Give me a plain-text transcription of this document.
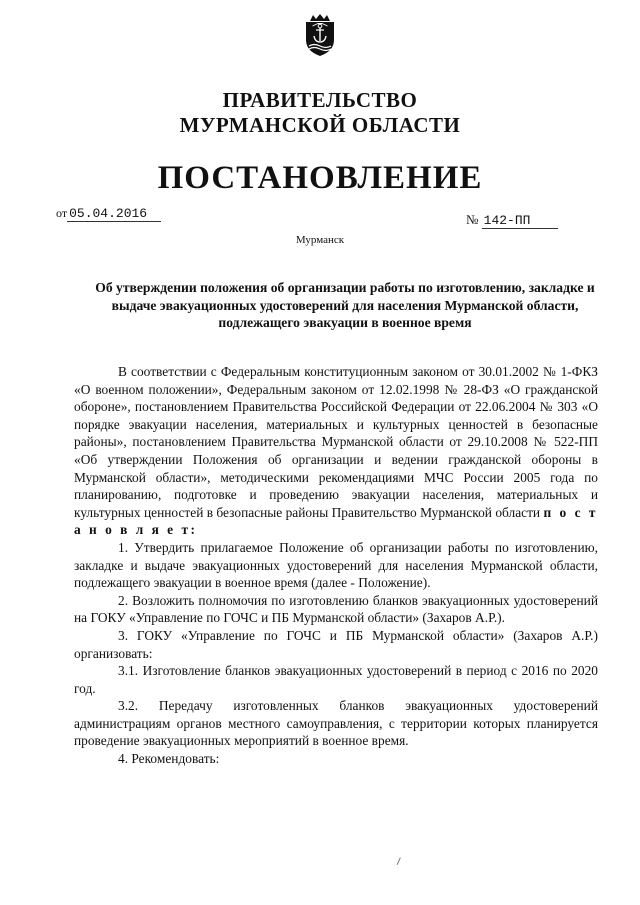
ПРАВИТЕЛЬСТВО
МУРМАНСКОЙ ОБЛАСТИ
ПОСТАНОВЛЕНИЕ
от 05.04.2016	№ 142-ПП
Мурманск
Об утверждении положения об организации работы по изготовлению, закладке и выдаче эвакуационных удостоверений для населения Мурманской области, подлежащего эвакуации в военное время

В соответствии с Федеральным конституционным законом от 30.01.2002 № 1-ФКЗ «О военном положении», Федеральным законом от 12.02.1998 № 28-ФЗ «О гражданской обороне», постановлением Правительства Российской Федерации от 22.06.2004 № 303 «О порядке эвакуации населения, материальных и культурных ценностей в безопасные районы», постановлением Правительства Мурманской области от 29.10.2008 № 522-ПП «Об утверждении Положения об организации и ведении гражданской обороны в Мурманской области», методическими рекомендациями МЧС России 2005 года по планированию, подготовке и проведению эвакуации населения, материальных и культурных ценностей в безопасные районы Правительство Мурманской области п о с т а н о в л я е т:

1. Утвердить прилагаемое Положение об организации работы по изготовлению, закладке и выдаче эвакуационных удостоверений для населения Мурманской области, подлежащего эвакуации в военное время (далее - Положение).

2. Возложить полномочия по изготовлению бланков эвакуационных удостоверений на ГОКУ «Управление по ГОЧС и ПБ Мурманской области» (Захаров А.Р.).

3. ГОКУ «Управление по ГОЧС и ПБ Мурманской области» (Захаров А.Р.) организовать:

3.1. Изготовление бланков эвакуационных удостоверений в период с 2016 по 2020 год.

3.2. Передачу изготовленных бланков эвакуационных удостоверений администрациям органов местного самоуправления, с территории которых планируется проведение эвакуационных мероприятий в военное время.

4. Рекомендовать:
